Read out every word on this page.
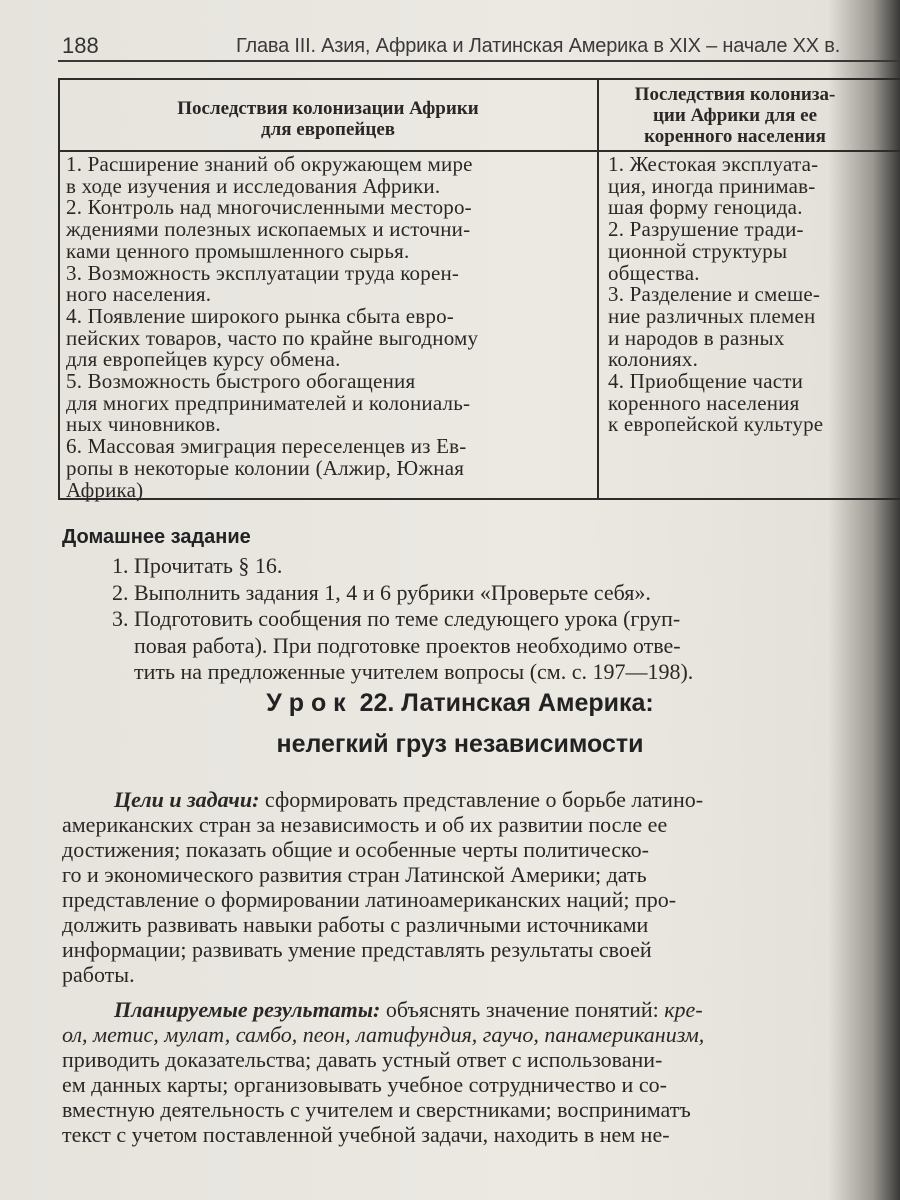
188	Глава III. Азия, Африка и Латинская Америка в XIX – начале XX в.
Последствия колонизации Африки
для европейцев
Последствия колониза-
ции Африки для ее
коренного населения
1. Расширение знаний об окружающем мире
в ходе изучения и исследования Африки.
2. Контроль над многочисленными месторо-
ждениями полезных ископаемых и источни-
ками ценного промышленного сырья.
3. Возможность эксплуатации труда корен-
ного населения.
4. Появление широкого рынка сбыта евро-
пейских товаров, часто по крайне выгодному
для европейцев курсу обмена.
5. Возможность быстрого обогащения
для многих предпринимателей и колониаль-
ных чиновников.
6. Массовая эмиграция переселенцев из Ев-
ропы в некоторые колонии (Алжир, Южная
Африка)
1. Жестокая эксплуата-
ция, иногда принимав-
шая форму геноцида.
2. Разрушение тради-
ционной структуры
общества.
3. Разделение и смеше-
ние различных племен
и народов в разных
колониях.
4. Приобщение части
коренного населения
к европейской культуре
Домашнее задание
1. Прочитать § 16.
2. Выполнить задания 1, 4 и 6 рубрики «Проверьте себя».
3. Подготовить сообщения по теме следующего урока (груп-
повая работа). При подготовке проектов необходимо отве-
тить на предложенные учителем вопросы (см. с. 197—198).
У р о к  22. Латинская Америка:
нелегкий груз независимости
Цели и задачи: сформировать представление о борьбе латино-
американских стран за независимость и об их развитии после ее
достижения; показать общие и особенные черты политическо-
го и экономического развития стран Латинской Америки; дать
представление о формировании латиноамериканских наций; про-
должить развивать навыки работы с различными источниками
информации; развивать умение представлять результаты своей
работы.
Планируемые результаты: объяснять значение понятий: кре-
ол, метис, мулат, самбо, пеон, латифундия, гаучо, панамериканизм,
приводить доказательства; давать устный ответ с использовани-
ем данных карты; организовывать учебное сотрудничество и со-
вместную деятельность с учителем и сверстниками; восприниматъ
текст с учетом поставленной учебной задачи, находить в нем не-
